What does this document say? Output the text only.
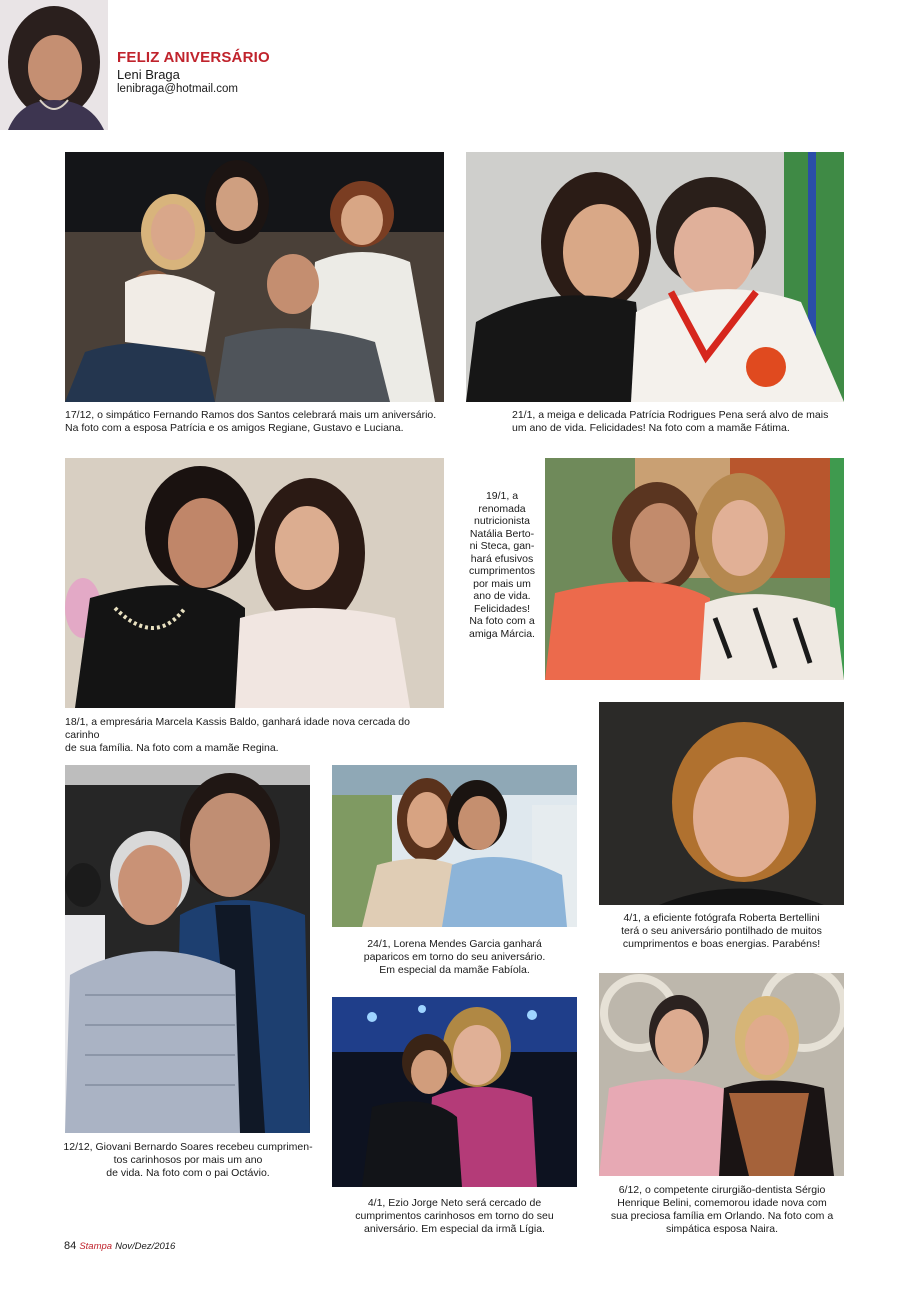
FELIZ ANIVERSÁRIO
Leni Braga
lenibraga@hotmail.com

17/12, o simpático Fernando Ramos dos Santos celebrará mais um aniversário.

Na foto com a esposa Patrícia e os amigos Regiane, Gustavo e Luciana.

21/1, a meiga e delicada Patrícia Rodrigues Pena será alvo de mais

um ano de vida. Felicidades! Na foto com a mamãe Fátima.

18/1, a empresária Marcela Kassis Baldo, ganhará idade nova cercada do carinho

de sua família. Na foto com a mamãe Regina.

19/1, a

renomada

nutricionista

Natália Berto-

ni Steca, gan-

hará efusivos

cumprimentos

por mais um

ano de vida.

Felicidades!

Na foto com a

amiga Márcia.

4/1, a eficiente fotógrafa Roberta Bertellini

terá o seu aniversário pontilhado de muitos

cumprimentos e boas energias. Parabéns!

12/12, Giovani Bernardo Soares recebeu cumprimen-

tos carinhosos por mais um ano

de vida. Na foto com o pai Octávio.

24/1, Lorena Mendes Garcia ganhará

paparicos em torno do seu aniversário.

Em especial da mamãe Fabíola.

4/1, Ezio Jorge Neto será cercado de

cumprimentos carinhosos em torno do seu

aniversário. Em especial da irmã Lígia.

6/12, o competente cirurgião-dentista Sérgio

Henrique Belini, comemorou idade nova com

sua preciosa família em Orlando. Na foto com a

simpática esposa Naira.

84 Stampa Nov/Dez/2016
